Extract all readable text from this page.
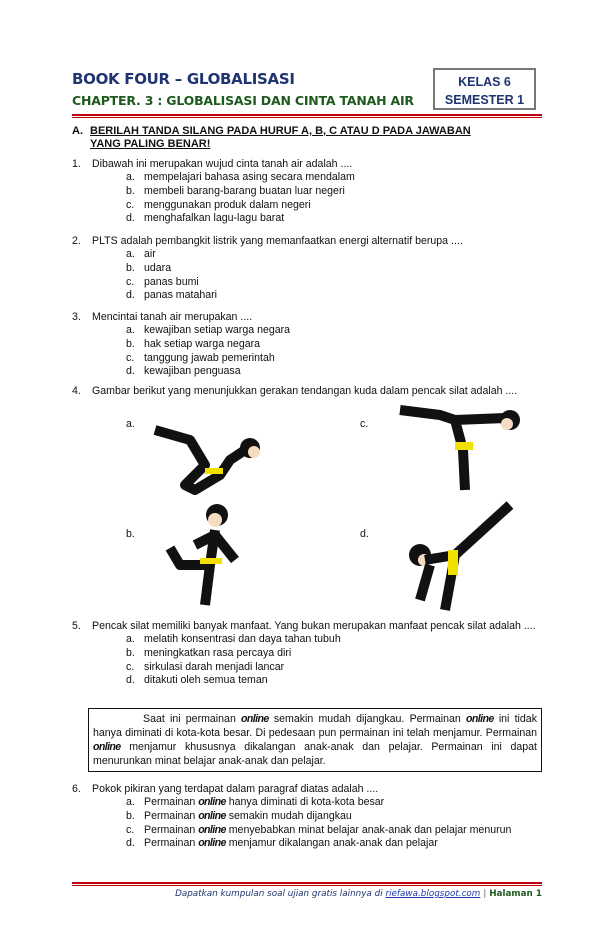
BOOK FOUR – GLOBALISASI
CHAPTER. 3 : GLOBALISASI DAN CINTA TANAH AIR
KELAS 6
SEMESTER 1
A. BERILAH TANDA SILANG PADA HURUF A, B, C ATAU D PADA JAWABAN
YANG PALING BENAR!
1. Dibawah ini merupakan wujud cinta tanah air adalah ....
a. mempelajari bahasa asing secara mendalam
b. membeli barang-barang buatan luar negeri
c. menggunakan produk dalam negeri
d. menghafalkan lagu-lagu barat
2. PLTS adalah pembangkit listrik yang memanfaatkan energi alternatif berupa ....
a. air
b. udara
c. panas bumi
d. panas matahari
3. Mencintai tanah air merupakan ....
a. kewajiban setiap warga negara
b. hak setiap warga negara
c. tanggung jawab pemerintah
d. kewajiban penguasa
4. Gambar berikut yang menunjukkan gerakan tendangan kuda dalam pencak silat adalah ....
a.
b.
c.
d.
5. Pencak silat memiliki banyak manfaat. Yang bukan merupakan manfaat pencak silat adalah ....
a. melatih konsentrasi dan daya tahan tubuh
b. meningkatkan rasa percaya diri
c. sirkulasi darah menjadi lancar
d. ditakuti oleh semua teman
Saat ini permainan online semakin mudah dijangkau. Permainan online ini tidak hanya diminati di kota-kota besar. Di pedesaan pun permainan ini telah menjamur. Permainan online menjamur khususnya dikalangan anak-anak dan pelajar. Permainan ini dapat menurunkan minat belajar anak-anak dan pelajar.
6. Pokok pikiran yang terdapat dalam paragraf diatas adalah ....
a. Permainan online hanya diminati di kota-kota besar
b. Permainan online semakin mudah dijangkau
c. Permainan online menyebabkan minat belajar anak-anak dan pelajar menurun
d. Permainan online menjamur dikalangan anak-anak dan pelajar
Dapatkan kumpulan soal ujian gratis lainnya di riefawa.blogspot.com | Halaman 1
